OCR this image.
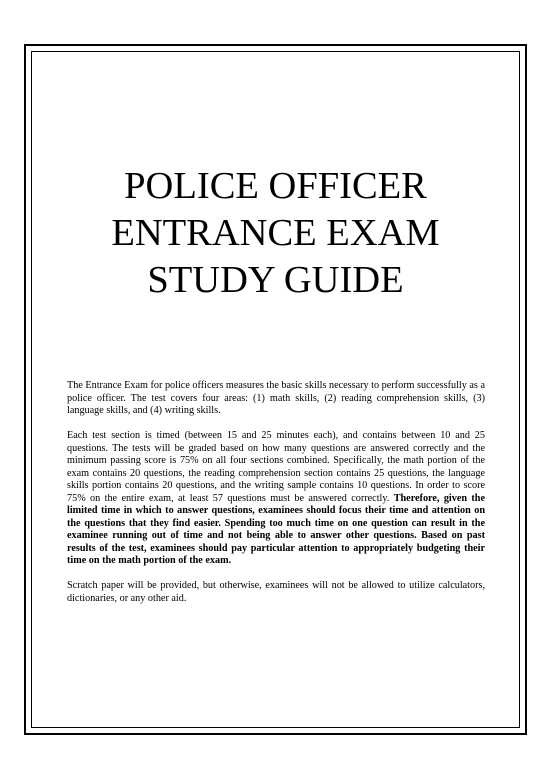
POLICE OFFICER
ENTRANCE EXAM
STUDY GUIDE

The Entrance Exam for police officers measures the basic skills necessary to perform successfully as a police officer. The test covers four areas: (1) math skills, (2) reading comprehension skills, (3) language skills, and (4) writing skills.

Each test section is timed (between 15 and 25 minutes each), and contains between 10 and 25 questions. The tests will be graded based on how many questions are answered correctly and the minimum passing score is 75% on all four sections combined. Specifically, the math portion of the exam contains 20 questions, the reading comprehension section contains 25 questions, the language skills portion contains 20 questions, and the writing sample contains 10 questions. In order to score 75% on the entire exam, at least 57 questions must be answered correctly. Therefore, given the limited time in which to answer questions, examinees should focus their time and attention on the questions that they find easier. Spending too much time on one question can result in the examinee running out of time and not being able to answer other questions. Based on past results of the test, examinees should pay particular attention to appropriately budgeting their time on the math portion of the exam.

Scratch paper will be provided, but otherwise, examinees will not be allowed to utilize calculators, dictionaries, or any other aid.
